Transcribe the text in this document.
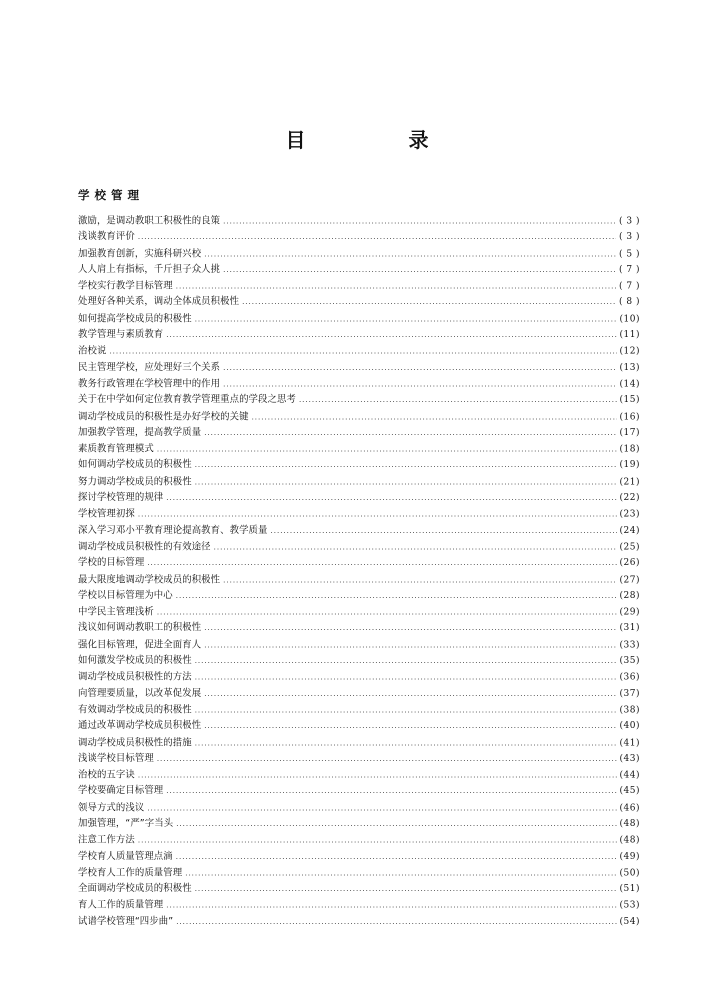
目 录
学校管理
激励，是调动教职工积极性的良策 .....	( 3 )
浅谈教育评价 .....	( 3 )
加强教育创新，实施科研兴校 .....	( 5 )
人人肩上有指标，千斤担子众人挑 .....	( 7 )
学校实行教学目标管理 .....	( 7 )
处理好各种关系，调动全体成员积极性 .....	( 8 )
如何提高学校成员的积极性 .....	(10)
教学管理与素质教育 .....	(11)
治校说 .....	(12)
民主管理学校，应处理好三个关系 .....	(13)
教务行政管理在学校管理中的作用 .....	(14)
关于在中学如何定位教育教学管理重点的学段之思考 .....	(15)
调动学校成员的积极性是办好学校的关键 .....	(16)
加强教学管理，提高教学质量 .....	(17)
素质教育管理模式 .....	(18)
如何调动学校成员的积极性 .....	(19)
努力调动学校成员的积极性 .....	(21)
探讨学校管理的规律 .....	(22)
学校管理初探 .....	(23)
深入学习邓小平教育理论提高教育、教学质量 .....	(24)
调动学校成员积极性的有效途径 .....	(25)
学校的目标管理 .....	(26)
最大限度地调动学校成员的积极性 .....	(27)
学校以目标管理为中心 .....	(28)
中学民主管理浅析 .....	(29)
浅议如何调动教职工的积极性 .....	(31)
强化目标管理，促进全面育人 .....	(33)
如何激发学校成员的积极性 .....	(35)
调动学校成员积极性的方法 .....	(36)
向管理要质量，以改革促发展 .....	(37)
有效调动学校成员的积极性 .....	(38)
通过改革调动学校成员积极性 .....	(40)
调动学校成员积极性的措施 .....	(41)
浅谈学校目标管理 .....	(43)
治校的五字诀 .....	(44)
学校要确定目标管理 .....	(45)
领导方式的浅议 .....	(46)
加强管理，“严”字当头 .....	(48)
注意工作方法 .....	(48)
学校育人质量管理点滴 .....	(49)
学校育人工作的质量管理 .....	(50)
全面调动学校成员的积极性 .....	(51)
育人工作的质量管理 .....	(53)
试谱学校管理“四步曲” .....	(54)
